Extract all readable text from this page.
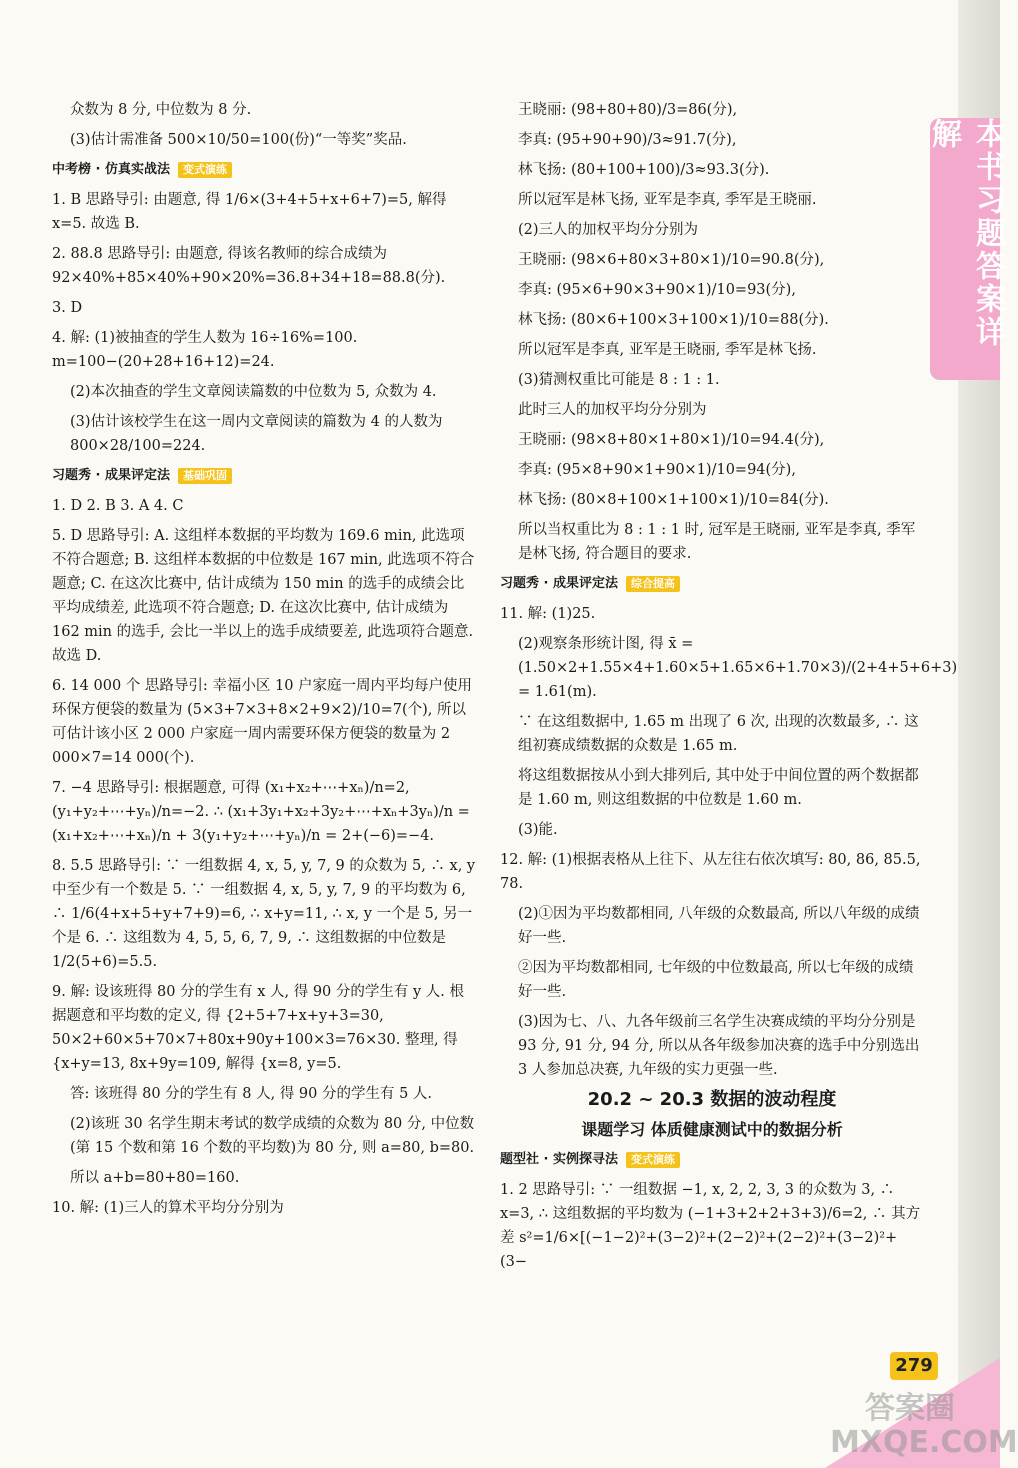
本书习题答案详解

众数为 8 分, 中位数为 8 分.

(3)估计需准备 500×10/50=100(份)“一等奖”奖品.

中考榜 · 仿真实战法 变式演练

1. B 思路导引: 由题意, 得 1/6×(3+4+5+x+6+7)=5, 解得 x=5. 故选 B.

2. 88.8 思路导引: 由题意, 得该名教师的综合成绩为 92×40%+85×40%+90×20%=36.8+34+18=88.8(分).

3. D

4. 解: (1)被抽查的学生人数为 16÷16%=100. m=100−(20+28+16+12)=24.

(2)本次抽查的学生文章阅读篇数的中位数为 5, 众数为 4.

(3)估计该校学生在这一周内文章阅读的篇数为 4 的人数为 800×28/100=224.

习题秀 · 成果评定法 基础巩固

1. D 2. B 3. A 4. C

5. D 思路导引: A. 这组样本数据的平均数为 169.6 min, 此选项不符合题意; B. 这组样本数据的中位数是 167 min, 此选项不符合题意; C. 在这次比赛中, 估计成绩为 150 min 的选手的成绩会比平均成绩差, 此选项不符合题意; D. 在这次比赛中, 估计成绩为 162 min 的选手, 会比一半以上的选手成绩要差, 此选项符合题意. 故选 D.

6. 14 000 个 思路导引: 幸福小区 10 户家庭一周内平均每户使用环保方便袋的数量为 (5×3+7×3+8×2+9×2)/10=7(个), 所以可估计该小区 2 000 户家庭一周内需要环保方便袋的数量为 2 000×7=14 000(个).

7. −4 思路导引: 根据题意, 可得 (x₁+x₂+⋯+xₙ)/n=2, (y₁+y₂+⋯+yₙ)/n=−2. ∴ (x₁+3y₁+x₂+3y₂+⋯+xₙ+3yₙ)/n = (x₁+x₂+⋯+xₙ)/n + 3(y₁+y₂+⋯+yₙ)/n = 2+(−6)=−4.

8. 5.5 思路导引: ∵ 一组数据 4, x, 5, y, 7, 9 的众数为 5, ∴ x, y 中至少有一个数是 5. ∵ 一组数据 4, x, 5, y, 7, 9 的平均数为 6, ∴ 1/6(4+x+5+y+7+9)=6, ∴ x+y=11, ∴ x, y 一个是 5, 另一个是 6. ∴ 这组数为 4, 5, 5, 6, 7, 9, ∴ 这组数据的中位数是 1/2(5+6)=5.5.

9. 解: 设该班得 80 分的学生有 x 人, 得 90 分的学生有 y 人. 根据题意和平均数的定义, 得 {2+5+7+x+y+3=30, 50×2+60×5+70×7+80x+90y+100×3=76×30. 整理, 得 {x+y=13, 8x+9y=109, 解得 {x=8, y=5.

答: 该班得 80 分的学生有 8 人, 得 90 分的学生有 5 人.

(2)该班 30 名学生期末考试的数学成绩的众数为 80 分, 中位数(第 15 个数和第 16 个数的平均数)为 80 分, 则 a=80, b=80.

所以 a+b=80+80=160.

10. 解: (1)三人的算术平均分分别为

王晓丽: (98+80+80)/3=86(分),

李真: (95+90+90)/3≈91.7(分),

林飞扬: (80+100+100)/3≈93.3(分).

所以冠军是林飞扬, 亚军是李真, 季军是王晓丽.

(2)三人的加权平均分分别为

王晓丽: (98×6+80×3+80×1)/10=90.8(分),

李真: (95×6+90×3+90×1)/10=93(分),

林飞扬: (80×6+100×3+100×1)/10=88(分).

所以冠军是李真, 亚军是王晓丽, 季军是林飞扬.

(3)猜测权重比可能是 8 : 1 : 1.

此时三人的加权平均分分别为

王晓丽: (98×8+80×1+80×1)/10=94.4(分),

李真: (95×8+90×1+90×1)/10=94(分),

林飞扬: (80×8+100×1+100×1)/10=84(分).

所以当权重比为 8 : 1 : 1 时, 冠军是王晓丽, 亚军是李真, 季军是林飞扬, 符合题目的要求.

习题秀 · 成果评定法 综合提高

11. 解: (1)25.

(2)观察条形统计图, 得 x̄ = (1.50×2+1.55×4+1.60×5+1.65×6+1.70×3)/(2+4+5+6+3) = 1.61(m).

∵ 在这组数据中, 1.65 m 出现了 6 次, 出现的次数最多, ∴ 这组初赛成绩数据的众数是 1.65 m.

将这组数据按从小到大排列后, 其中处于中间位置的两个数据都是 1.60 m, 则这组数据的中位数是 1.60 m.

(3)能.

12. 解: (1)根据表格从上往下、从左往右依次填写: 80, 86, 85.5, 78.

(2)①因为平均数都相同, 八年级的众数最高, 所以八年级的成绩好一些.

②因为平均数都相同, 七年级的中位数最高, 所以七年级的成绩好一些.

(3)因为七、八、九各年级前三名学生决赛成绩的平均分分别是 93 分, 91 分, 94 分, 所以从各年级参加决赛的选手中分别选出 3 人参加总决赛, 九年级的实力更强一些.

20.2 ~ 20.3 数据的波动程度

课题学习 体质健康测试中的数据分析

题型社 · 实例探寻法 变式演练

1. 2 思路导引: ∵ 一组数据 −1, x, 2, 2, 3, 3 的众数为 3, ∴ x=3, ∴ 这组数据的平均数为 (−1+3+2+2+3+3)/6=2, ∴ 其方差 s²=1/6×[(−1−2)²+(3−2)²+(2−2)²+(2−2)²+(3−2)²+(3−

279
答案圈
MXQE.COM
